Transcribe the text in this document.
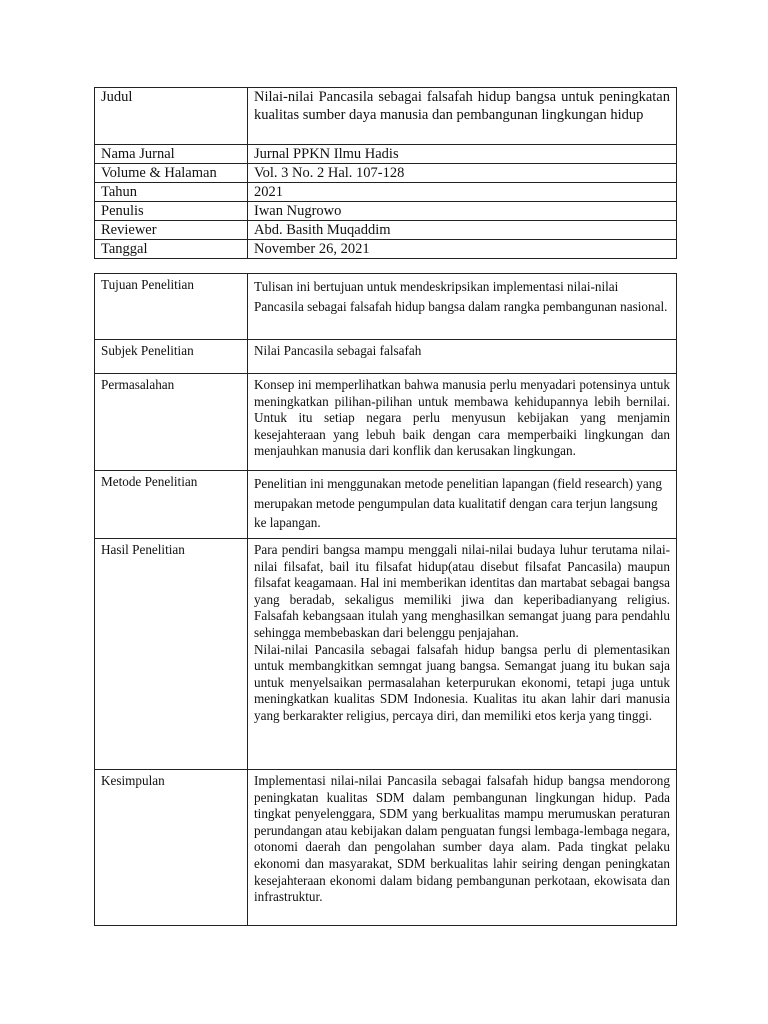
Judul	Nilai-nilai Pancasila sebagai falsafah hidup bangsa untuk peningkatan kualitas sumber daya manusia dan pembangunan lingkungan hidup
Nama Jurnal	Jurnal PPKN Ilmu Hadis
Volume & Halaman	Vol. 3 No. 2 Hal. 107-128
Tahun	2021
Penulis	Iwan Nugrowo
Reviewer	Abd. Basith Muqaddim
Tanggal	November 26, 2021
Tujuan Penelitian	Tulisan ini bertujuan untuk mendeskripsikan implementasi nilai-nilai Pancasila sebagai falsafah hidup bangsa dalam rangka pembangunan nasional.
Subjek Penelitian	Nilai Pancasila sebagai falsafah
Permasalahan	Konsep ini memperlihatkan bahwa manusia perlu menyadari potensinya untuk meningkatkan pilihan-pilihan untuk membawa kehidupannya lebih bernilai. Untuk itu setiap negara perlu menyusun kebijakan yang menjamin kesejahteraan yang lebuh baik dengan cara memperbaiki lingkungan dan menjauhkan manusia dari konflik dan kerusakan lingkungan.
Metode Penelitian	Penelitian ini menggunakan metode penelitian lapangan (field research) yang merupakan metode pengumpulan data kualitatif dengan cara terjun langsung ke lapangan.
Hasil Penelitian	Para pendiri bangsa mampu menggali nilai-nilai budaya luhur terutama nilai-nilai filsafat, bail itu filsafat hidup(atau disebut filsafat Pancasila) maupun filsafat keagamaan. Hal ini memberikan identitas dan martabat sebagai bangsa yang beradab, sekaligus memiliki jiwa dan keperibadianyang religius. Falsafah kebangsaan itulah yang menghasilkan semangat juang para pendahlu sehingga membebaskan dari belenggu penjajahan.

Nilai-nilai Pancasila sebagai falsafah hidup bangsa perlu di plementasikan untuk membangkitkan semngat juang bangsa. Semangat juang itu bukan saja untuk menyelsaikan permasalahan keterpurukan ekonomi, tetapi juga untuk meningkatkan kualitas SDM Indonesia. Kualitas itu akan lahir dari manusia yang berkarakter religius, percaya diri, dan memiliki etos kerja yang tinggi.

Kesimpulan	Implementasi nilai-nilai Pancasila sebagai falsafah hidup bangsa mendorong peningkatan kualitas SDM dalam pembangunan lingkungan hidup. Pada tingkat penyelenggara, SDM yang berkualitas mampu merumuskan peraturan perundangan atau kebijakan dalam penguatan fungsi lembaga-lembaga negara, otonomi daerah dan pengolahan sumber daya alam. Pada tingkat pelaku ekonomi dan masyarakat, SDM berkualitas lahir seiring dengan peningkatan kesejahteraan ekonomi dalam bidang pembangunan perkotaan, ekowisata dan infrastruktur.
